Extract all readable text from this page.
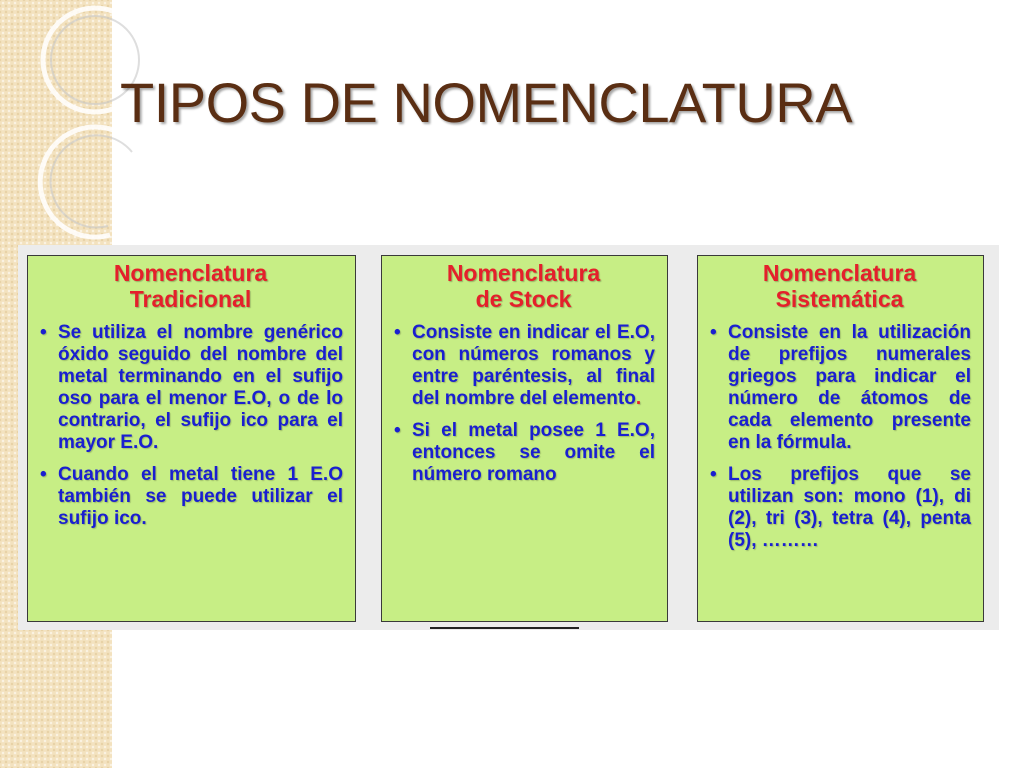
TIPOS DE NOMENCLATURA
Nomenclatura
Tradicional
• Se utiliza el nombre genérico óxido seguido del nombre del metal terminando en el sufijo oso para el menor E.O, o de lo contrario, el sufijo ico para el mayor E.O.
• Cuando el metal tiene 1 E.O también se puede utilizar el sufijo ico.
Nomenclatura
de Stock
• Consiste en indicar el E.O, con números romanos y entre paréntesis, al final del nombre del elemento.
• Si el metal posee 1 E.O, entonces se omite el número romano
Nomenclatura
Sistemática
• Consiste en la utilización de prefijos numerales griegos para indicar el número de átomos de cada elemento presente en la fórmula.
• Los prefijos que se utilizan son: mono (1), di (2), tri (3), tetra (4), penta (5), ………
